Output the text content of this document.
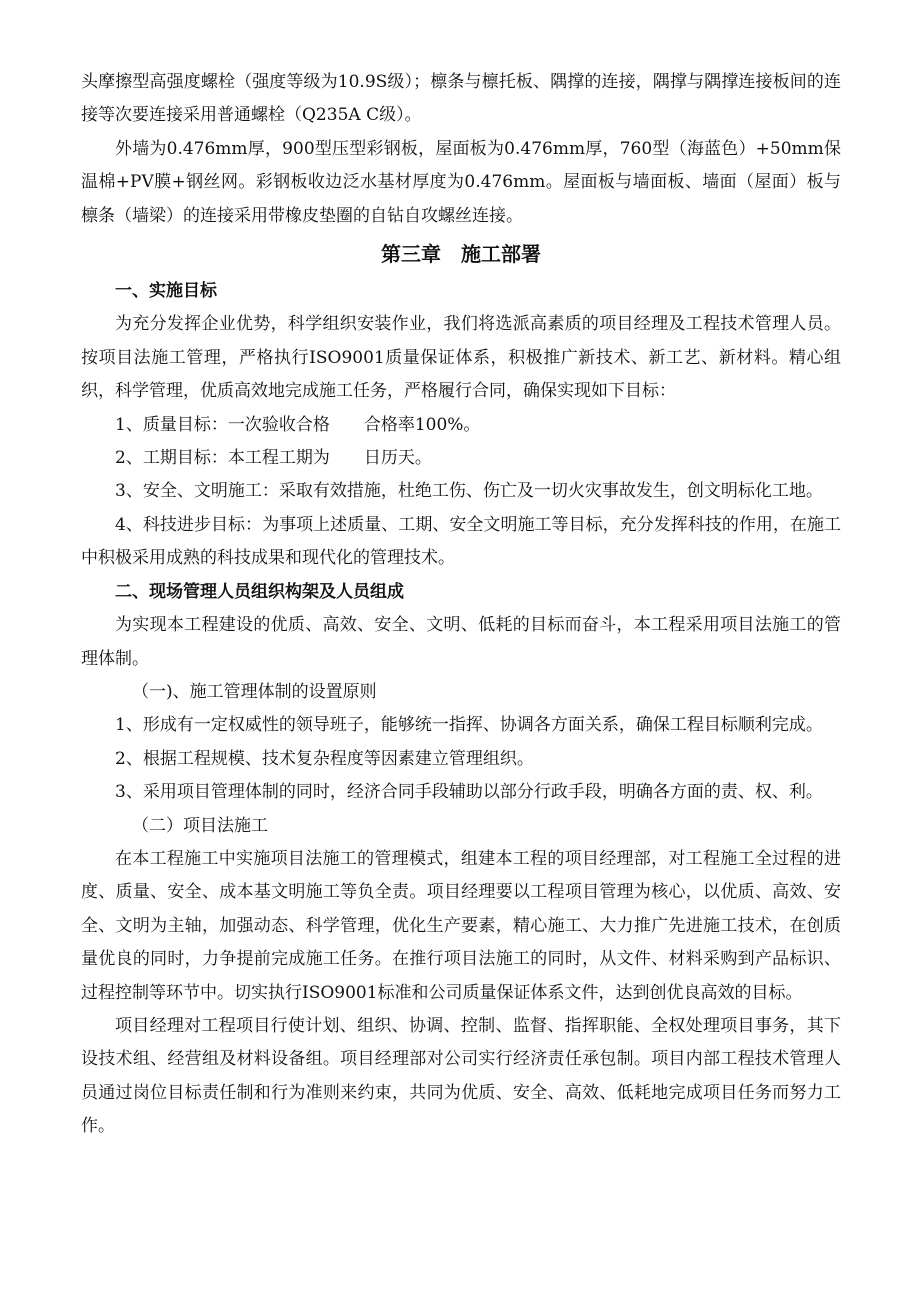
头摩擦型高强度螺栓（强度等级为10.9S级）；檩条与檩托板、隅撑的连接，隅撑与隅撑连接板间的连接等次要连接采用普通螺栓（Q235A C级）。

外墙为0.476mm厚，900型压型彩钢板，屋面板为0.476mm厚，760型（海蓝色）+50mm保温棉+PV膜+钢丝网。彩钢板收边泛水基材厚度为0.476mm。屋面板与墙面板、墙面（屋面）板与檩条（墙梁）的连接采用带橡皮垫圈的自钻自攻螺丝连接。

第三章　施工部署
一、实施目标

为充分发挥企业优势，科学组织安装作业，我们将选派高素质的项目经理及工程技术管理人员。按项目法施工管理，严格执行ISO9001质量保证体系，积极推广新技术、新工艺、新材料。精心组织，科学管理，优质高效地完成施工任务，严格履行合同，确保实现如下目标：

1、质量目标：一次验收合格　　合格率100%。

2、工期目标：本工程工期为　　日历天。

3、安全、文明施工：采取有效措施，杜绝工伤、伤亡及一切火灾事故发生，创文明标化工地。

4、科技进步目标：为事项上述质量、工期、安全文明施工等目标，充分发挥科技的作用，在施工中积极采用成熟的科技成果和现代化的管理技术。

二、现场管理人员组织构架及人员组成

为实现本工程建设的优质、高效、安全、文明、低耗的目标而奋斗，本工程采用项目法施工的管理体制。

（一)、施工管理体制的设置原则

1、形成有一定权威性的领导班子，能够统一指挥、协调各方面关系，确保工程目标顺利完成。

2、根据工程规模、技术复杂程度等因素建立管理组织。

3、采用项目管理体制的同时，经济合同手段辅助以部分行政手段，明确各方面的责、权、利。

（二）项目法施工

在本工程施工中实施项目法施工的管理模式，组建本工程的项目经理部，对工程施工全过程的进度、质量、安全、成本基文明施工等负全责。项目经理要以工程项目管理为核心，以优质、高效、安全、文明为主轴，加强动态、科学管理，优化生产要素，精心施工、大力推广先进施工技术，在创质量优良的同时，力争提前完成施工任务。在推行项目法施工的同时，从文件、材料采购到产品标识、过程控制等环节中。切实执行ISO9001标准和公司质量保证体系文件，达到创优良高效的目标。

项目经理对工程项目行使计划、组织、协调、控制、监督、指挥职能、全权处理项目事务，其下设技术组、经营组及材料设备组。项目经理部对公司实行经济责任承包制。项目内部工程技术管理人员通过岗位目标责任制和行为准则来约束，共同为优质、安全、高效、低耗地完成项目任务而努力工作。
